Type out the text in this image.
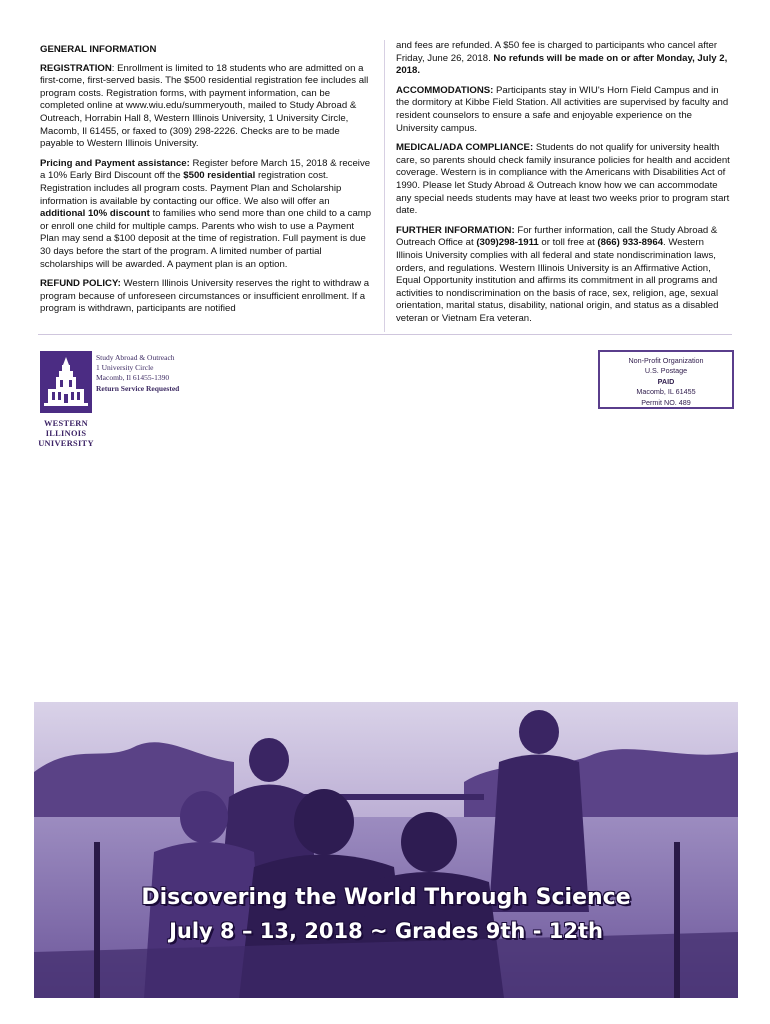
GENERAL INFORMATION

REGISTRATION: Enrollment is limited to 18 students who are admitted on a first-come, first-served basis. The $500 residential registration fee includes all program costs. Registration forms, with payment information, can be completed online at www.wiu.edu/summeryouth, mailed to Study Abroad & Outreach, Horrabin Hall 8, Western Illinois University, 1 University Circle, Macomb, Il 61455, or faxed to (309) 298-2226. Checks are to be made payable to Western Illinois University.

Pricing and Payment assistance: Register before March 15, 2018 & receive a 10% Early Bird Discount off the $500 residential registration cost. Registration includes all program costs. Payment Plan and Scholarship information is available by contacting our office. We also will offer an additional 10% discount to families who send more than one child to a camp or enroll one child for multiple camps. Parents who wish to use a Payment Plan may send a $100 deposit at the time of registration. Full payment is due 30 days before the start of the program. A limited number of partial scholarships will be awarded. A payment plan is an option.

REFUND POLICY: Western Illinois University reserves the right to withdraw a program because of unforeseen circumstances or insufficient enrollment. If a program is withdrawn, participants are notified

and fees are refunded. A $50 fee is charged to participants who cancel after Friday, June 26, 2018. No refunds will be made on or after Monday, July 2, 2018.

ACCOMMODATIONS: Participants stay in WIU's Horn Field Campus and in the dormitory at Kibbe Field Station. All activities are supervised by faculty and resident counselors to ensure a safe and enjoyable experience on the University campus.

MEDICAL/ADA COMPLIANCE: Students do not qualify for university health care, so parents should check family insurance policies for health and accident coverage. Western is in compliance with the Americans with Disabilities Act of 1990. Please let Study Abroad & Outreach know how we can accommodate any special needs students may have at least two weeks prior to program start date.

FURTHER INFORMATION: For further information, call the Study Abroad & Outreach Office at (309)298-1911 or toll free at (866) 933-8964. Western Illinois University complies with all federal and state nondiscrimination laws, orders, and regulations. Western Illinois University is an Affirmative Action, Equal Opportunity institution and affirms its commitment in all programs and activities to nondiscrimination on the basis of race, sex, religion, age, sexual orientation, marital status, disability, national origin, and status as a disabled veteran or Vietnam Era veteran.

Study Abroad & Outreach
1 University Circle
Macomb, Il 61455-1390
Return Service Requested
WESTERN
ILLINOIS
UNIVERSITY
Non-Profit Organization
U.S. Postage
PAID
Macomb, IL 61455
Permit NO. 489
Discovering the World Through Science
July 8 – 13, 2018 ~ Grades 9th - 12th
